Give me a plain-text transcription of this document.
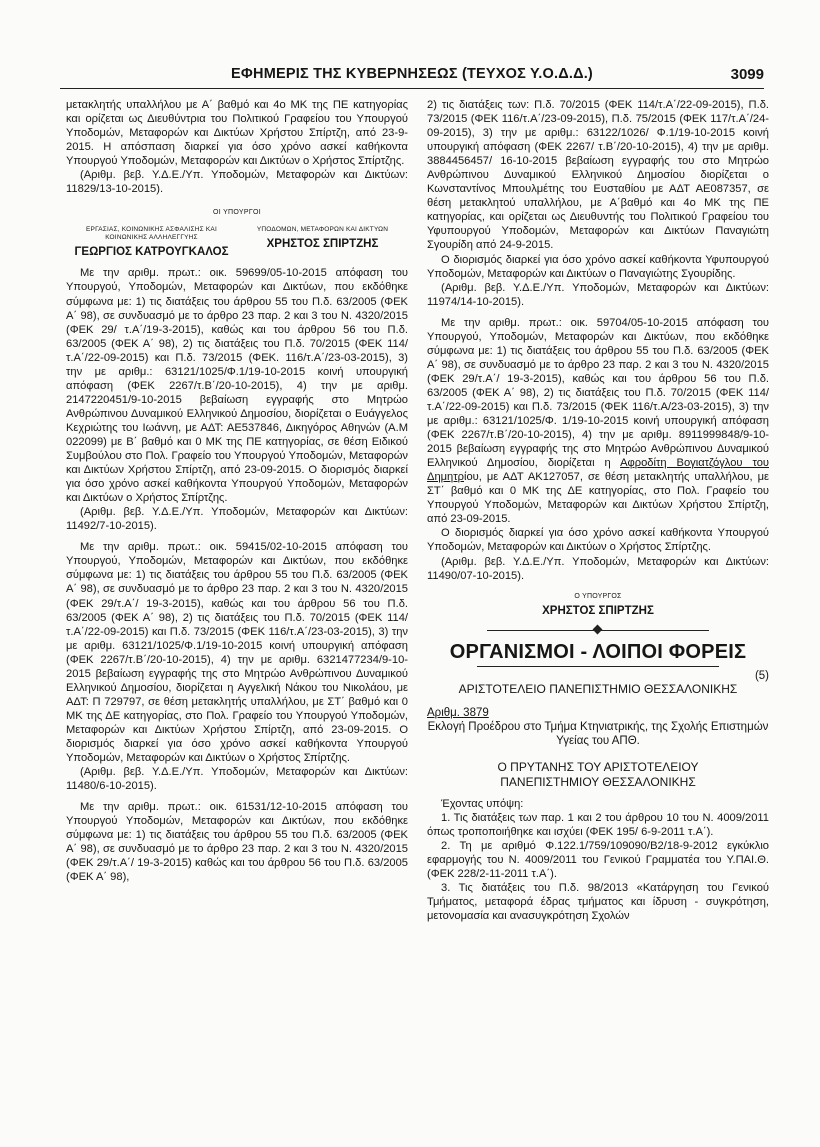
ΕΦΗΜΕΡΙΣ ΤΗΣ ΚΥΒΕΡΝΗΣΕΩΣ (ΤΕΥΧΟΣ Υ.Ο.Δ.Δ.)	3099

μετακλητής υπαλλήλου με Α΄ βαθμό και 4ο ΜΚ της ΠΕ κατηγορίας και ορίζεται ως Διευθύντρια του Πολιτικού Γραφείου του Υπουργού Υποδομών, Μεταφορών και Δικτύων Χρήστου Σπίρτζη, από 23-9-2015. Η απόσπαση διαρκεί για όσο χρόνο ασκεί καθήκοντα Υπουργού Υποδομών, Μεταφορών και Δικτύων ο Χρήστος Σπίρτζης.

(Αριθμ. βεβ. Υ.Δ.Ε./Υπ. Υποδομών, Μεταφορών και Δικτύων: 11829/13-10-2015).

ΟΙ ΥΠΟΥΡΓΟΙ
ΕΡΓΑΣΙΑΣ, ΚΟΙΝΩΝΙΚΗΣ ΑΣΦΑΛΙΣΗΣ ΚΑΙ ΚΟΙΝΩΝΙΚΗΣ ΑΛΛΗΛΕΓΓΥΗΣ
ΓΕΩΡΓΙΟΣ ΚΑΤΡΟΥΓΚΑΛΟΣ
ΥΠΟΔΟΜΩΝ, ΜΕΤΑΦΟΡΩΝ ΚΑΙ ΔΙΚΤΥΩΝ
ΧΡΗΣΤΟΣ ΣΠΙΡΤΖΗΣ

Με την αριθμ. πρωτ.: οικ. 59699/05-10-2015 απόφαση του Υπουργού, Υποδομών, Μεταφορών και Δικτύων, που εκδόθηκε σύμφωνα με: 1) τις διατάξεις του άρθρου 55 του Π.δ. 63/2005 (ΦΕΚ Α΄ 98), σε συνδυασμό με το άρθρο 23 παρ. 2 και 3 του Ν. 4320/2015 (ΦΕΚ 29/ τ.Α΄/19-3-2015), καθώς και του άρθρου 56 του Π.δ. 63/2005 (ΦΕΚ Α΄ 98), 2) τις διατάξεις του Π.δ. 70/2015 (ΦΕΚ 114/ τ.Α΄/22-09-2015) και Π.δ. 73/2015 (ΦΕΚ. 116/τ.Α΄/23-03-2015), 3) την με αριθμ.: 63121/1025/Φ.1/19-10-2015 κοινή υπουργική απόφαση (ΦΕΚ 2267/τ.Β΄/20-10-2015), 4) την με αριθμ. 2147220451/9-10-2015 βεβαίωση εγγραφής στο Μητρώο Ανθρώπινου Δυναμικού Ελληνικού Δημοσίου, διορίζεται ο Ευάγγελος Κεχριώτης του Ιωάννη, με ΑΔΤ: ΑΕ537846, Δικηγόρος Αθηνών (Α.Μ 022099) με Β΄ βαθμό και 0 ΜΚ της ΠΕ κατηγορίας, σε θέση Ειδικού Συμβούλου στο Πολ. Γραφείο του Υπουργού Υποδομών, Μεταφορών και Δικτύων Χρήστου Σπίρτζη, από 23-09-2015. Ο διορισμός διαρκεί για όσο χρόνο ασκεί καθήκοντα Υπουργού Υποδομών, Μεταφορών και Δικτύων ο Χρήστος Σπίρτζης.

(Αριθμ. βεβ. Υ.Δ.Ε./Υπ. Υποδομών, Μεταφορών και Δικτύων: 11492/7-10-2015).

Με την αριθμ. πρωτ.: οικ. 59415/02-10-2015 απόφαση του Υπουργού, Υποδομών, Μεταφορών και Δικτύων, που εκδόθηκε σύμφωνα με: 1) τις διατάξεις του άρθρου 55 του Π.δ. 63/2005 (ΦΕΚ Α΄ 98), σε συνδυασμό με το άρθρο 23 παρ. 2 και 3 του Ν. 4320/2015 (ΦΕΚ 29/τ.Α΄/ 19-3-2015), καθώς και του άρθρου 56 του Π.δ. 63/2005 (ΦΕΚ Α΄ 98), 2) τις διατάξεις του Π.δ. 70/2015 (ΦΕΚ 114/ τ.Α΄/22-09-2015) και Π.δ. 73/2015 (ΦΕΚ 116/τ.Α΄/23-03-2015), 3) την με αριθμ. 63121/1025/Φ.1/19-10-2015 κοινή υπουργική απόφαση (ΦΕΚ 2267/τ.Β΄/20-10-2015), 4) την με αριθμ. 6321477234/9-10-2015 βεβαίωση εγγραφής της στο Μητρώο Ανθρώπινου Δυναμικού Ελληνικού Δημοσίου, διορίζεται η Αγγελική Νάκου του Νικολάου, με ΑΔΤ: Π 729797, σε θέση μετακλητής υπαλλήλου, με ΣΤ΄ βαθμό και 0 ΜΚ της ΔΕ κατηγορίας, στο Πολ. Γραφείο του Υπουργού Υποδομών, Μεταφορών και Δικτύων Χρήστου Σπίρτζη, από 23-09-2015. Ο διορισμός διαρκεί για όσο χρόνο ασκεί καθήκοντα Υπουργού Υποδομών, Μεταφορών και Δικτύων ο Χρήστος Σπίρτζης.

(Αριθμ. βεβ. Υ.Δ.Ε./Υπ. Υποδομών, Μεταφορών και Δικτύων: 11480/6-10-2015).

Με την αριθμ. πρωτ.: οικ. 61531/12-10-2015 απόφαση του Υπουργού Υποδομών, Μεταφορών και Δικτύων, που εκδόθηκε σύμφωνα με: 1) τις διατάξεις του άρθρου 55 του Π.δ. 63/2005 (ΦΕΚ Α΄ 98), σε συνδυασμό με το άρθρο 23 παρ. 2 και 3 του Ν. 4320/2015 (ΦΕΚ 29/τ.Α΄/ 19-3-2015) καθώς και του άρθρου 56 του Π.δ. 63/2005 (ΦΕΚ Α΄ 98),

2) τις διατάξεις των: Π.δ. 70/2015 (ΦΕΚ 114/τ.Α΄/22-09-2015), Π.δ. 73/2015 (ΦΕΚ 116/τ.Α΄/23-09-2015), Π.δ. 75/2015 (ΦΕΚ 117/τ.Α΄/24-09-2015), 3) την με αριθμ.: 63122/1026/ Φ.1/19-10-2015 κοινή υπουργική απόφαση (ΦΕΚ 2267/ τ.Β΄/20-10-2015), 4) την με αριθμ. 3884456457/ 16-10-2015 βεβαίωση εγγραφής του στο Μητρώο Ανθρώπινου Δυναμικού Ελληνικού Δημοσίου διορίζεται ο Κωνσταντίνος Μπουλμέτης του Ευσταθίου με ΑΔΤ ΑΕ087357, σε θέση μετακλητού υπαλλήλου, με Α΄βαθμό και 4ο ΜΚ της ΠΕ κατηγορίας, και ορίζεται ως Διευθυντής του Πολιτικού Γραφείου του Υφυπουργού Υποδομών, Μεταφορών και Δικτύων Παναγιώτη Σγουρίδη από 24-9-2015.

Ο διορισμός διαρκεί για όσο χρόνο ασκεί καθήκοντα Υφυπουργού Υποδομών, Μεταφορών και Δικτύων ο Παναγιώτης Σγουρίδης.

(Αριθμ. βεβ. Υ.Δ.Ε./Υπ. Υποδομών, Μεταφορών και Δικτύων: 11974/14-10-2015).

Με την αριθμ. πρωτ.: οικ. 59704/05-10-2015 απόφαση του Υπουργού, Υποδομών, Μεταφορών και Δικτύων, που εκδόθηκε σύμφωνα με: 1) τις διατάξεις του άρθρου 55 του Π.δ. 63/2005 (ΦΕΚ Α΄ 98), σε συνδυασμό με το άρθρο 23 παρ. 2 και 3 του Ν. 4320/2015 (ΦΕΚ 29/τ.Α΄/ 19-3-2015), καθώς και του άρθρου 56 του Π.δ. 63/2005 (ΦΕΚ Α΄ 98), 2) τις διατάξεις του Π.δ. 70/2015 (ΦΕΚ 114/ τ.Α΄/22-09-2015) και Π.δ. 73/2015 (ΦΕΚ 116/τ.Α/23-03-2015), 3) την με αριθμ.: 63121/1025/Φ. 1/19-10-2015 κοινή υπουργική απόφαση (ΦΕΚ 2267/τ.Β΄/20-10-2015), 4) την με αριθμ. 8911999848/9-10-2015 βεβαίωση εγγραφής της στο Μητρώο Ανθρώπινου Δυναμικού Ελληνικού Δημοσίου, διορίζεται η Αφροδίτη Βογιατζόγλου του Δημητρίου, με ΑΔΤ ΑΚ127057, σε θέση μετακλητής υπαλλήλου, με ΣΤ΄ βαθμό και 0 ΜΚ της ΔΕ κατηγορίας, στο Πολ. Γραφείο του Υπουργού Υποδομών, Μεταφορών και Δικτύων Χρήστου Σπίρτζη, από 23-09-2015.

Ο διορισμός διαρκεί για όσο χρόνο ασκεί καθήκοντα Υπουργού Υποδομών, Μεταφορών και Δικτύων ο Χρήστος Σπίρτζης.

(Αριθμ. βεβ. Υ.Δ.Ε./Υπ. Υποδομών, Μεταφορών και Δικτύων: 11490/07-10-2015).

Ο ΥΠΟΥΡΓΟΣ
ΧΡΗΣΤΟΣ ΣΠΙΡΤΖΗΣ
ΟΡΓΑΝΙΣΜΟΙ - ΛΟΙΠΟΙ ΦΟΡΕΙΣ
(5)
ΑΡΙΣΤΟΤΕΛΕΙΟ ΠΑΝΕΠΙΣΤΗΜΙΟ ΘΕΣΣΑΛΟΝΙΚΗΣ
Αριθμ. 3879
Εκλογή Προέδρου στο Τμήμα Κτηνιατρικής, της Σχολής Επιστημών Υγείας του ΑΠΘ.
Ο ΠΡΥΤΑΝΗΣ ΤΟΥ ΑΡΙΣΤΟΤΕΛΕΙΟΥ
ΠΑΝΕΠΙΣΤΗΜΙΟΥ ΘΕΣΣΑΛΟΝΙΚΗΣ

Έχοντας υπόψη:

1. Τις διατάξεις των παρ. 1 και 2 του άρθρου 10 του Ν. 4009/2011 όπως τροποποιήθηκε και ισχύει (ΦΕΚ 195/ 6-9-2011 τ.Α΄).

2. Τη με αριθμό Φ.122.1/759/109090/Β2/18-9-2012 εγκύκλιο εφαρμογής του Ν. 4009/2011 του Γενικού Γραμματέα του Υ.ΠΑΙ.Θ. (ΦΕΚ 228/2-11-2011 τ.Α΄).

3. Τις διατάξεις του Π.δ. 98/2013 «Κατάργηση του Γενικού Τμήματος, μεταφορά έδρας τμήματος και ίδρυση - συγκρότηση, μετονομασία και ανασυγκρότηση Σχολών
